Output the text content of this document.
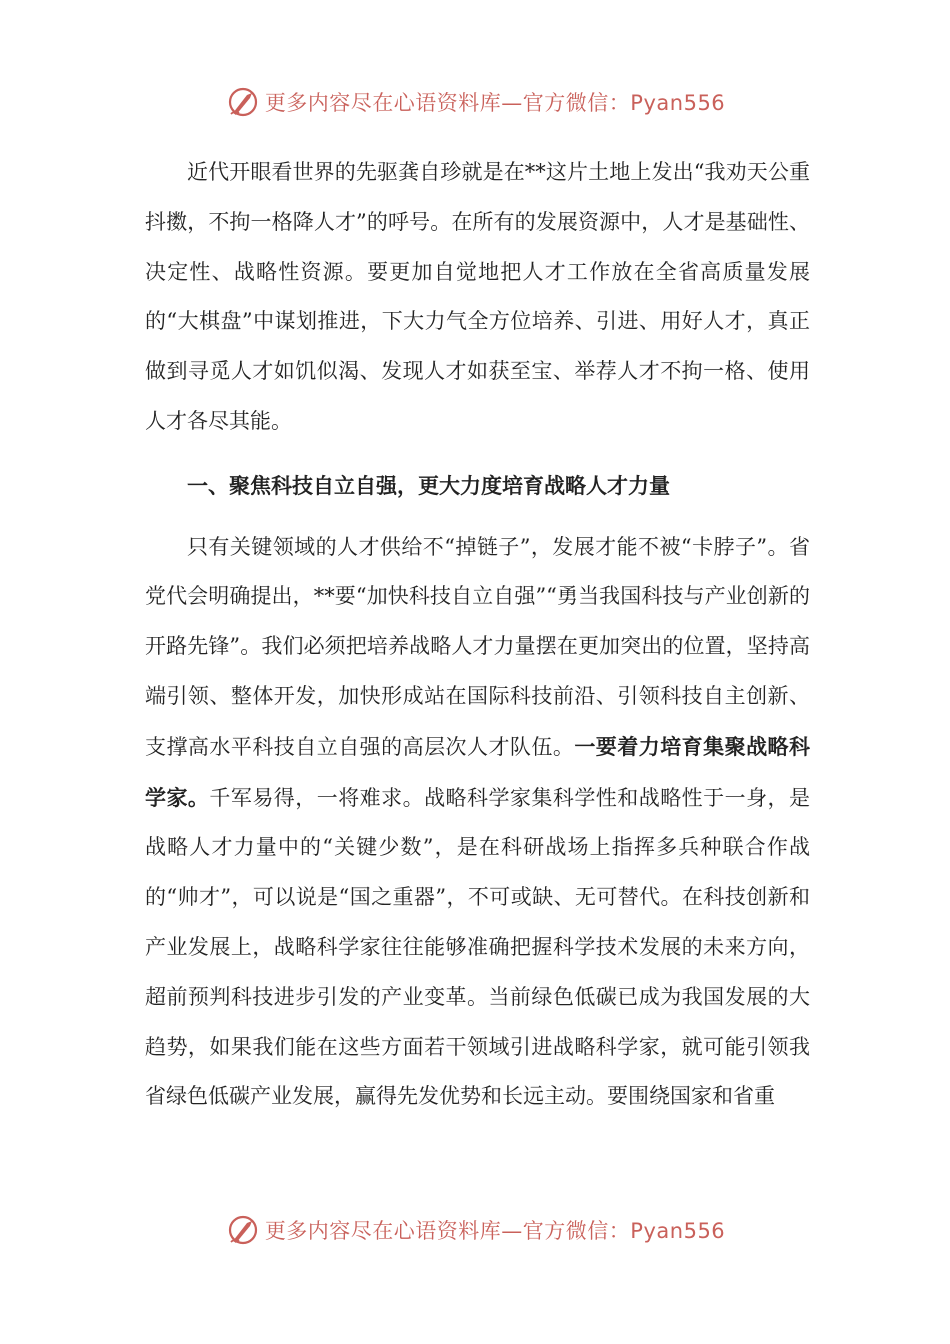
更多内容尽在心语资料库—官方微信：Pyan556

近代开眼看世界的先驱龚自珍就是在**这片土地上发出“我劝天公重抖擞，不拘一格降人才”的呼号。在所有的发展资源中，人才是基础性、决定性、战略性资源。要更加自觉地把人才工作放在全省高质量发展的“大棋盘”中谋划推进，下大力气全方位培养、引进、用好人才，真正做到寻觅人才如饥似渴、发现人才如获至宝、举荐人才不拘一格、使用人才各尽其能。

一、聚焦科技自立自强，更大力度培育战略人才力量

只有关键领域的人才供给不“掉链子”，发展才能不被“卡脖子”。省党代会明确提出，**要“加快科技自立自强”“勇当我国科技与产业创新的开路先锋”。我们必须把培养战略人才力量摆在更加突出的位置，坚持高端引领、整体开发，加快形成站在国际科技前沿、引领科技自主创新、支撑高水平科技自立自强的高层次人才队伍。一要着力培育集聚战略科学家。千军易得，一将难求。战略科学家集科学性和战略性于一身，是战略人才力量中的“关键少数”，是在科研战场上指挥多兵种联合作战的“帅才”，可以说是“国之重器”，不可或缺、无可替代。在科技创新和产业发展上，战略科学家往往能够准确把握科学技术发展的未来方向，超前预判科技进步引发的产业变革。当前绿色低碳已成为我国发展的大趋势，如果我们能在这些方面若干领域引进战略科学家，就可能引领我省绿色低碳产业发展，赢得先发优势和长远主动。要围绕国家和省重

更多内容尽在心语资料库—官方微信：Pyan556
